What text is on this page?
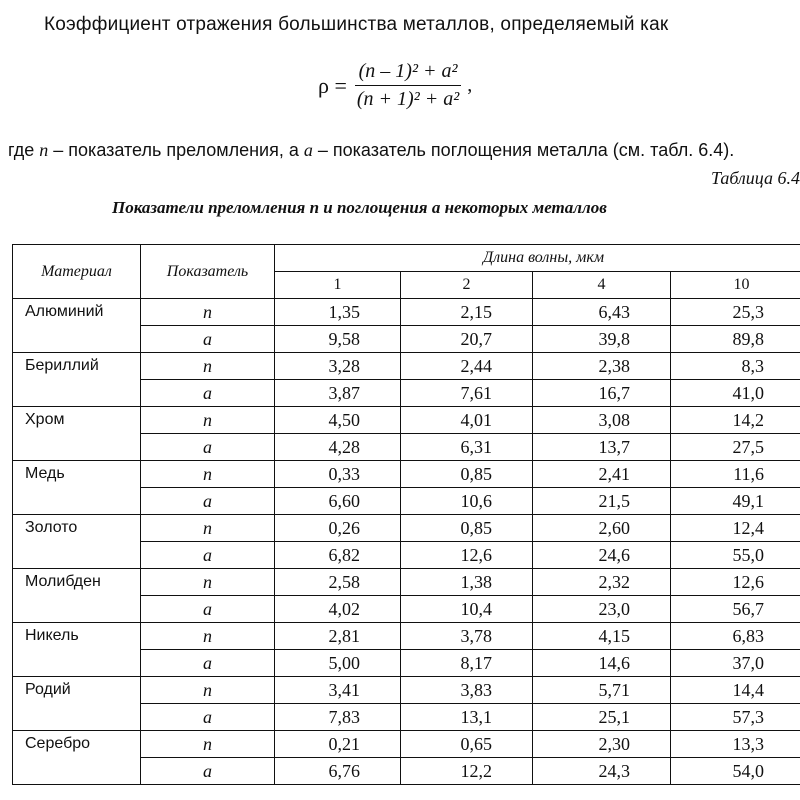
Коэффициент отражения большинства металлов, определяемый как
$\rho = \frac{\text{(n – 1)² + a²}}{\text{(n + 1)² + a²}}$ ,
где n – показатель преломления, а a – показатель поглощения металла (см. табл. 6.4).
Таблица 6.4
Показатели преломления n и поглощения a некоторых металлов
Материал	Показатель	Длина волны, мкм			
		1	2	4	10
Алюминий	n	1,35	2,15	6,43	25,3
	a	9,58	20,7	39,8	89,8
Бериллий	n	3,28	2,44	2,38	8,3
	a	3,87	7,61	16,7	41,0
Хром	n	4,50	4,01	3,08	14,2
	a	4,28	6,31	13,7	27,5
Медь	n	0,33	0,85	2,41	11,6
	a	6,60	10,6	21,5	49,1
Золото	n	0,26	0,85	2,60	12,4
	a	6,82	12,6	24,6	55,0
Молибден	n	2,58	1,38	2,32	12,6
	a	4,02	10,4	23,0	56,7
Никель	n	2,81	3,78	4,15	6,83
	a	5,00	8,17	14,6	37,0
Родий	n	3,41	3,83	5,71	14,4
	a	7,83	13,1	25,1	57,3
Серебро	n	0,21	0,65	2,30	13,3
	a	6,76	12,2	24,3	54,0
